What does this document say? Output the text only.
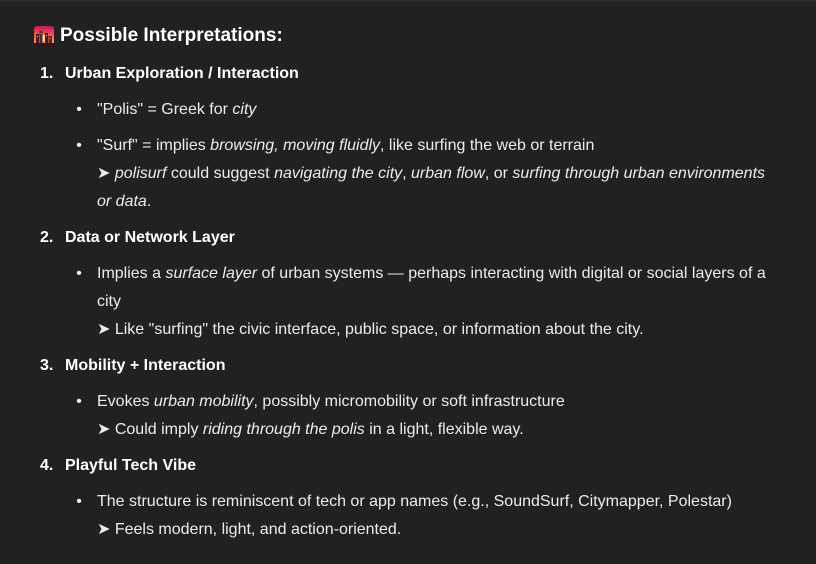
Possible Interpretations:
1. Urban Exploration / Interaction
• "Polis" = Greek for city
• "Surf" = implies browsing, moving fluidly, like surfing the web or terrain
➤ polisurf could suggest navigating the city, urban flow, or surfing through urban environments
or data.
2. Data or Network Layer
• Implies a surface layer of urban systems — perhaps interacting with digital or social layers of a
city
➤ Like "surfing" the civic interface, public space, or information about the city.
3. Mobility + Interaction
• Evokes urban mobility, possibly micromobility or soft infrastructure
➤ Could imply riding through the polis in a light, flexible way.
4. Playful Tech Vibe
• The structure is reminiscent of tech or app names (e.g., SoundSurf, Citymapper, Polestar)
➤ Feels modern, light, and action-oriented.
